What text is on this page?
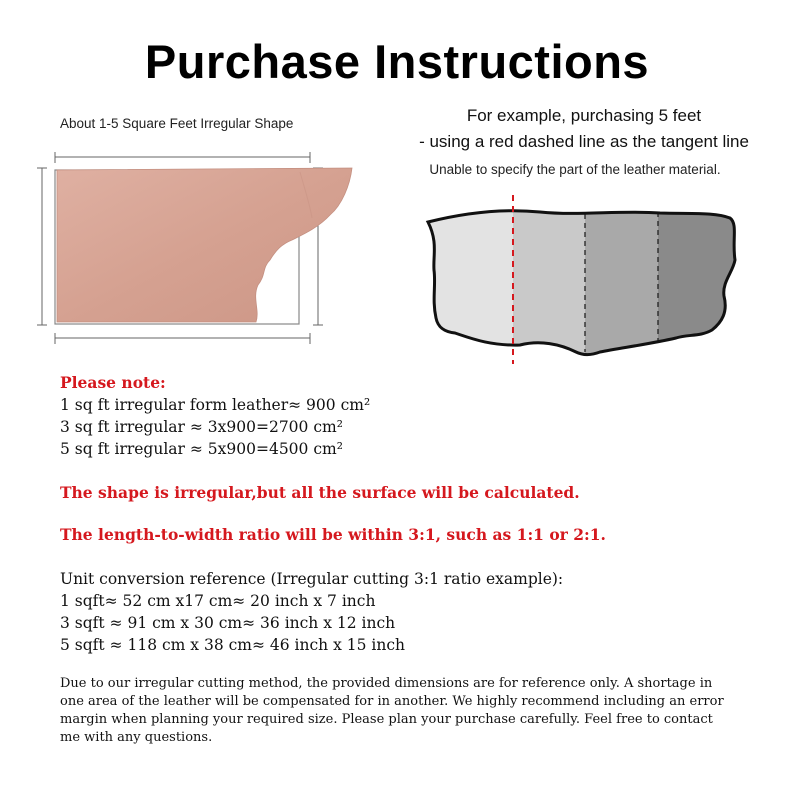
Purchase Instructions
About 1-5 Square Feet Irregular Shape	For example, purchasing 5 feet
- using a red dashed line as the tangent line
Unable to specify the part of the leather material.
Please note:
1 sq ft irregular form leather≈ 900 cm²
3 sq ft irregular ≈ 3x900=2700 cm²
5 sq ft irregular ≈ 5x900=4500 cm²
The shape is irregular,but all the surface will be calculated.
The length-to-width ratio will be within 3:1, such as 1:1 or 2:1.
Unit conversion reference (Irregular cutting 3:1 ratio example):
1 sqft≈ 52 cm x17 cm≈ 20 inch x 7 inch
3 sqft ≈ 91 cm x 30 cm≈ 36 inch x 12 inch
5 sqft ≈ 118 cm x 38 cm≈ 46 inch x 15 inch
Due to our irregular cutting method, the provided dimensions are for reference only. A shortage in
one area of the leather will be compensated for in another. We highly recommend including an error
margin when planning your required size. Please plan your purchase carefully. Feel free to contact
me with any questions.
